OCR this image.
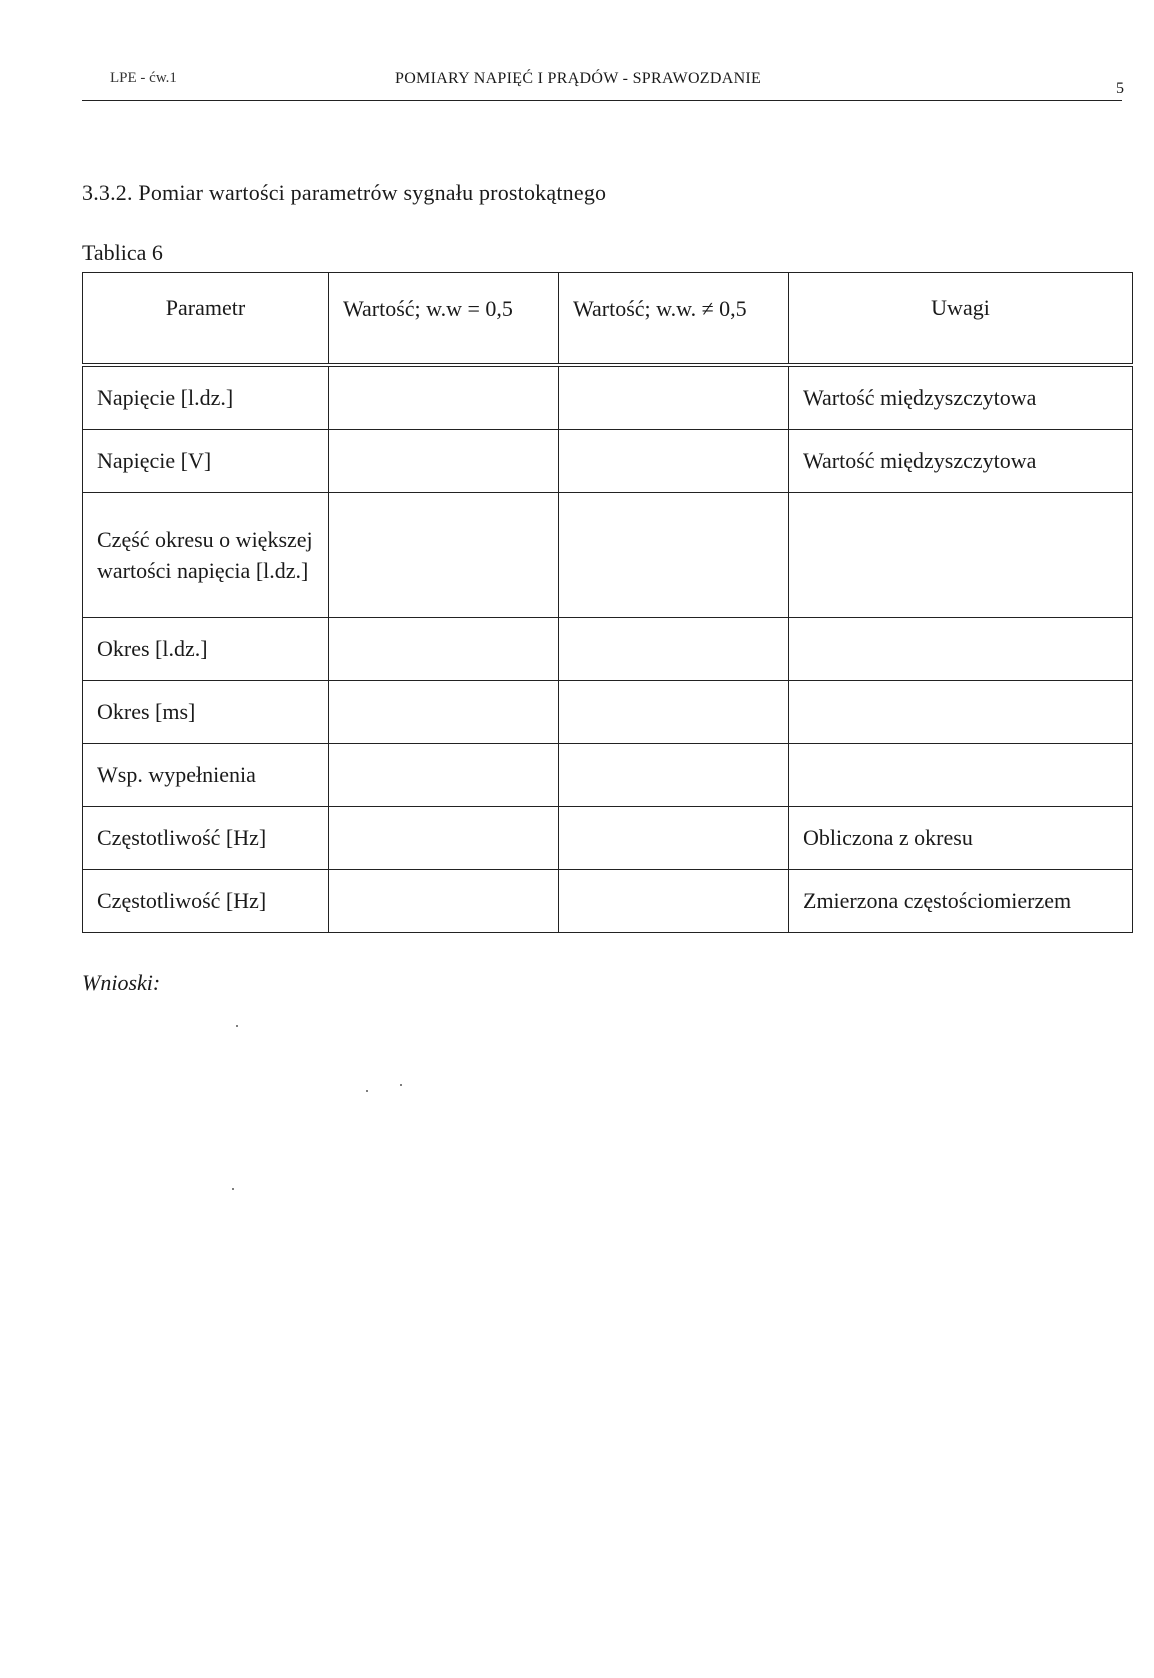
LPE - ćw.1	POMIARY NAPIĘĆ I PRĄDÓW - SPRAWOZDANIE
5
3.3.2. Pomiar wartości parametrów sygnału prostokątnego
Tablica 6
Parametr	Wartość; w.w = 0,5	Wartość; w.w. ≠ 0,5	Uwagi
Napięcie [l.dz.]			Wartość międzyszczytowa
Napięcie [V]			Wartość międzyszczytowa
Część okresu o większej wartości napięcia [l.dz.]			
Okres [l.dz.]			
Okres [ms]			
Wsp. wypełnienia			
Częstotliwość [Hz]			Obliczona z okresu
Częstotliwość [Hz]			Zmierzona częstościomierzem
Wnioski:
